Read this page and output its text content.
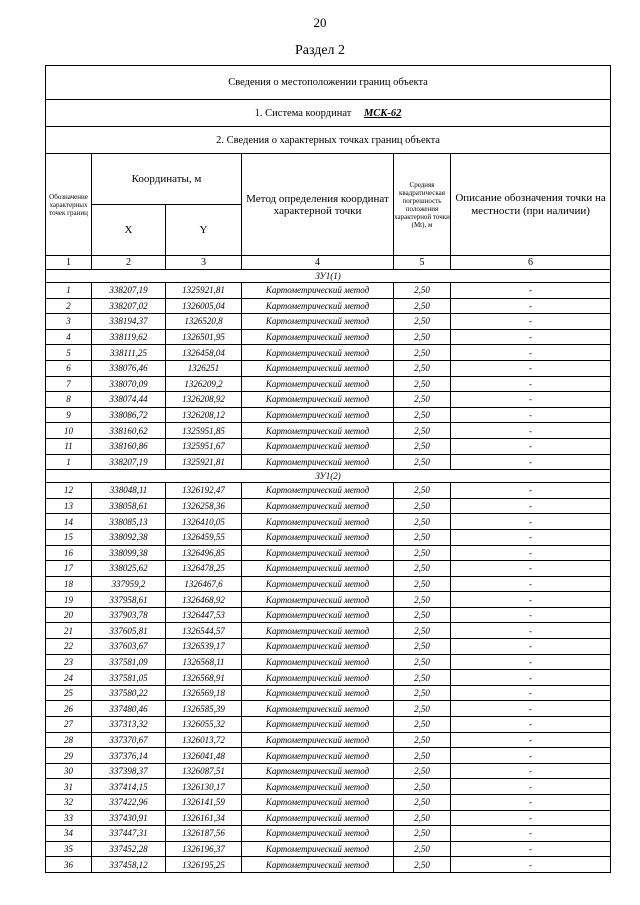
20
Раздел 2
Сведения о местоположении границ объекта					
1. Система координат МСК-62					
2. Сведения о характерных точках границ объекта					
Обозначение характерных точек границ	Координаты, м		Метод определения координат характерной точки	Средняя квадратическая погрешность положения характерной точки (Mt), м	Описание обозначения точки на местности (при наличии)
	X	Y			
1	2	3	4	5	6
ЗУ1(1)					
1	338207,19	1325921,81	Картометрический метод	2,50	-
2	338207,02	1326005,04	Картометрический метод	2,50	-
3	338194,37	1326520,8	Картометрический метод	2,50	-
4	338119,62	1326501,95	Картометрический метод	2,50	-
5	338111,25	1326458,04	Картометрический метод	2,50	-
6	338076,46	1326251	Картометрический метод	2,50	-
7	338070,09	1326209,2	Картометрический метод	2,50	-
8	338074,44	1326208,92	Картометрический метод	2,50	-
9	338086,72	1326208,12	Картометрический метод	2,50	-
10	338160,62	1325951,85	Картометрический метод	2,50	-
11	338160,86	1325951,67	Картометрический метод	2,50	-
1	338207,19	1325921,81	Картометрический метод	2,50	-
ЗУ1(2)					
12	338048,11	1326192,47	Картометрический метод	2,50	-
13	338058,61	1326258,36	Картометрический метод	2,50	-
14	338085,13	1326410,05	Картометрический метод	2,50	-
15	338092,38	1326459,55	Картометрический метод	2,50	-
16	338099,38	1326496,85	Картометрический метод	2,50	-
17	338025,62	1326478,25	Картометрический метод	2,50	-
18	337959,2	1326467,6	Картометрический метод	2,50	-
19	337958,61	1326468,92	Картометрический метод	2,50	-
20	337903,78	1326447,53	Картометрический метод	2,50	-
21	337605,81	1326544,57	Картометрический метод	2,50	-
22	337603,67	1326539,17	Картометрический метод	2,50	-
23	337581,09	1326568,11	Картометрический метод	2,50	-
24	337581,05	1326568,91	Картометрический метод	2,50	-
25	337580,22	1326569,18	Картометрический метод	2,50	-
26	337480,46	1326585,39	Картометрический метод	2,50	-
27	337313,32	1326055,32	Картометрический метод	2,50	-
28	337370,67	1326013,72	Картометрический метод	2,50	-
29	337376,14	1326041,48	Картометрический метод	2,50	-
30	337398,37	1326087,51	Картометрический метод	2,50	-
31	337414,15	1326130,17	Картометрический метод	2,50	-
32	337422,96	1326141,59	Картометрический метод	2,50	-
33	337430,91	1326161,34	Картометрический метод	2,50	-
34	337447,31	1326187,56	Картометрический метод	2,50	-
35	337452,28	1326196,37	Картометрический метод	2,50	-
36	337458,12	1326195,25	Картометрический метод	2,50	-
